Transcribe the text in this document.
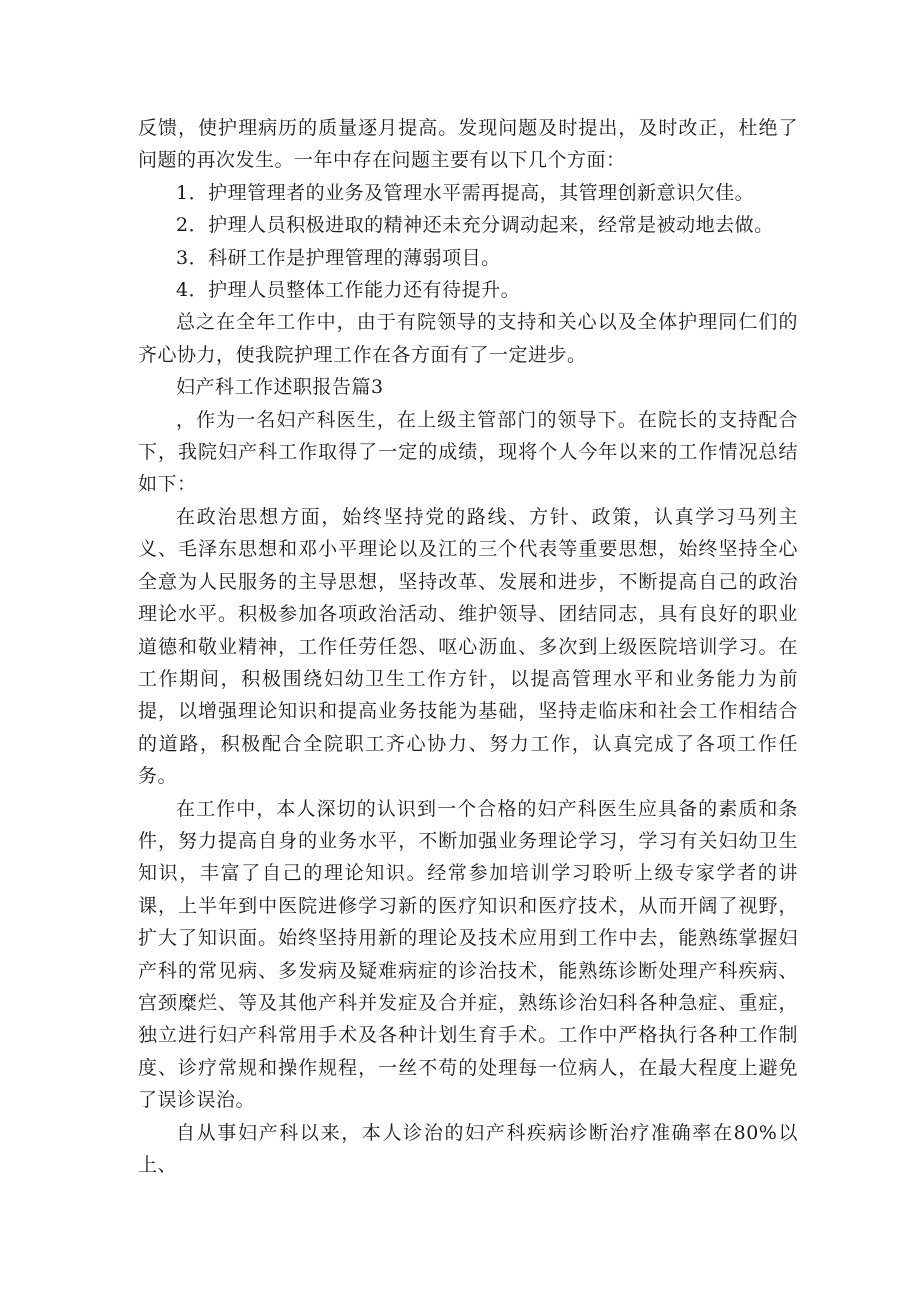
反馈，使护理病历的质量逐月提高。发现问题及时提出，及时改正，杜绝了问题的再次发生。一年中存在问题主要有以下几个方面：

1．护理管理者的业务及管理水平需再提高，其管理创新意识欠佳。

2．护理人员积极进取的精神还未充分调动起来，经常是被动地去做。

3．科研工作是护理管理的薄弱项目。

4．护理人员整体工作能力还有待提升。

总之在全年工作中，由于有院领导的支持和关心以及全体护理同仁们的齐心协力，使我院护理工作在各方面有了一定进步。

妇产科工作述职报告篇3

，作为一名妇产科医生，在上级主管部门的领导下。在院长的支持配合下，我院妇产科工作取得了一定的成绩，现将个人今年以来的工作情况总结如下：

在政治思想方面，始终坚持党的路线、方针、政策，认真学习马列主义、毛泽东思想和邓小平理论以及江的三个代表等重要思想，始终坚持全心全意为人民服务的主导思想，坚持改革、发展和进步，不断提高自己的政治理论水平。积极参加各项政治活动、维护领导、团结同志，具有良好的职业道德和敬业精神，工作任劳任怨、呕心沥血、多次到上级医院培训学习。在工作期间，积极围绕妇幼卫生工作方针，以提高管理水平和业务能力为前提，以增强理论知识和提高业务技能为基础，坚持走临床和社会工作相结合的道路，积极配合全院职工齐心协力、努力工作，认真完成了各项工作任务。

在工作中，本人深切的认识到一个合格的妇产科医生应具备的素质和条件，努力提高自身的业务水平，不断加强业务理论学习，学习有关妇幼卫生知识，丰富了自己的理论知识。经常参加培训学习聆听上级专家学者的讲课，上半年到中医院进修学习新的医疗知识和医疗技术，从而开阔了视野，扩大了知识面。始终坚持用新的理论及技术应用到工作中去，能熟练掌握妇产科的常见病、多发病及疑难病症的诊治技术，能熟练诊断处理产科疾病、宫颈糜烂、等及其他产科并发症及合并症，熟练诊治妇科各种急症、重症，独立进行妇产科常用手术及各种计划生育手术。工作中严格执行各种工作制度、诊疗常规和操作规程，一丝不苟的处理每一位病人，在最大程度上避免了误诊误治。

自从事妇产科以来，本人诊治的妇产科疾病诊断治疗准确率在80%以上、
